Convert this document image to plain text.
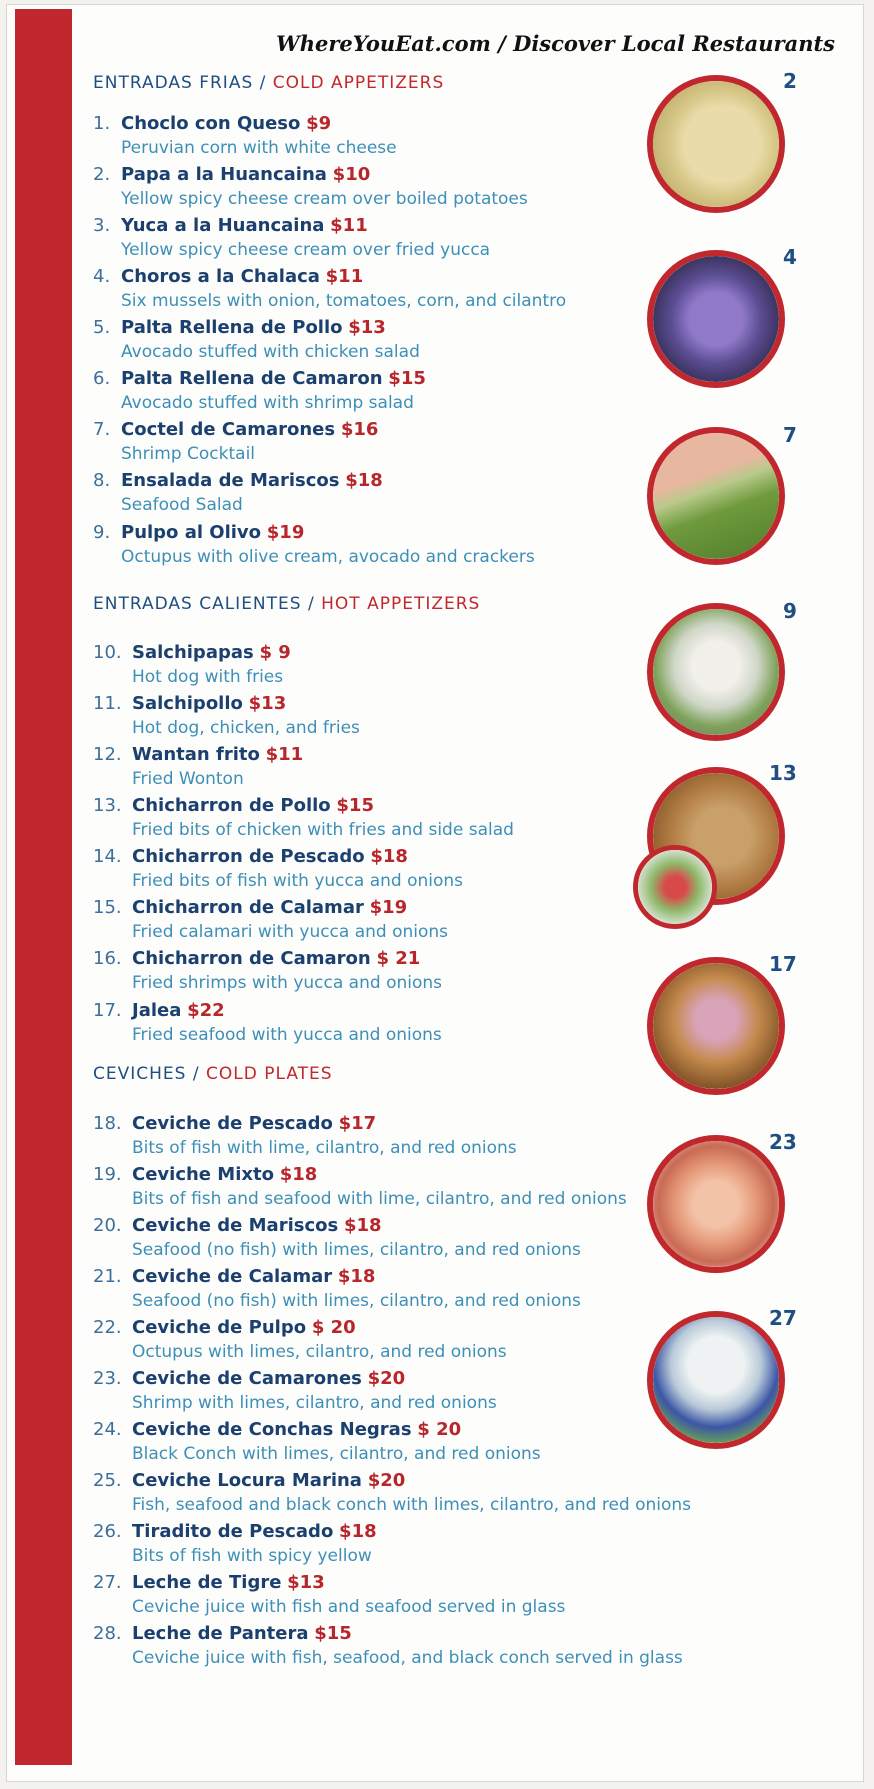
WhereYouEat.com / Discover Local Restaurants
ENTRADAS FRIAS / COLD APPETIZERS
ENTRADAS CALIENTES / HOT APPETIZERS
CEVICHES / COLD PLATES
1. Choclo con Queso $9
Peruvian corn with white cheese
2. Papa a la Huancaina $10
Yellow spicy cheese cream over boiled potatoes
3. Yuca a la Huancaina $11
Yellow spicy cheese cream over fried yucca
4. Choros a la Chalaca $11
Six mussels with onion, tomatoes, corn, and cilantro
5. Palta Rellena de Pollo $13
Avocado stuffed with chicken salad
6. Palta Rellena de Camaron $15
Avocado stuffed with shrimp salad
7. Coctel de Camarones $16
Shrimp Cocktail
8. Ensalada de Mariscos $18
Seafood Salad
9. Pulpo al Olivo $19
Octupus with olive cream, avocado and crackers
10. Salchipapas $ 9
Hot dog with fries
11. Salchipollo $13
Hot dog, chicken, and fries
12. Wantan frito $11
Fried Wonton
13. Chicharron de Pollo $15
Fried bits of chicken with fries and side salad
14. Chicharron de Pescado $18
Fried bits of fish with yucca and onions
15. Chicharron de Calamar $19
Fried calamari with yucca and onions
16. Chicharron de Camaron $ 21
Fried shrimps with yucca and onions
17. Jalea $22
Fried seafood with yucca and onions
18. Ceviche de Pescado $17
Bits of fish with lime, cilantro, and red onions
19. Ceviche Mixto $18
Bits of fish and seafood with lime, cilantro, and red onions
20. Ceviche de Mariscos $18
Seafood (no fish) with limes, cilantro, and red onions
21. Ceviche de Calamar $18
Seafood (no fish) with limes, cilantro, and red onions
22. Ceviche de Pulpo $ 20
Octupus with limes, cilantro, and red onions
23. Ceviche de Camarones $20
Shrimp with limes, cilantro, and red onions
24. Ceviche de Conchas Negras $ 20
Black Conch with limes, cilantro, and red onions
25. Ceviche Locura Marina $20
Fish, seafood and black conch with limes, cilantro, and red onions
26. Tiradito de Pescado $18
Bits of fish with spicy yellow
27. Leche de Tigre $13
Ceviche juice with fish and seafood served in glass
28. Leche de Pantera $15
Ceviche juice with fish, seafood, and black conch served in glass
2
4
7
9
13
17
23
27
